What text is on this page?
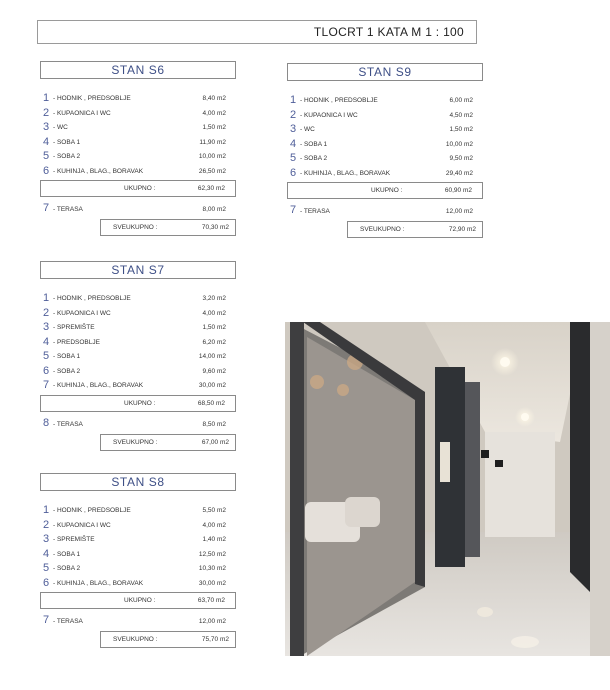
TLOCRT 1 KATA M 1 : 100
STAN S6
1 - HODNIK , PREDSOBLJE	8,40 m2
2 - KUPAONICA I WC	4,00 m2
3 - WC	1,50 m2
4 - SOBA 1	11,90 m2
5 - SOBA 2	10,00 m2
6 - KUHINJA , BLAG., BORAVAK	26,50 m2
UKUPNO :	62,30 m2
7 - TERASA	8,00 m2
SVEUKUPNO :	70,30 m2
STAN S9
1 - HODNIK , PREDSOBLJE	6,00 m2
2 - KUPAONICA I WC	4,50 m2
3 - WC	1,50 m2
4 - SOBA 1	10,00 m2
5 - SOBA 2	9,50 m2
6 - KUHINJA , BLAG., BORAVAK	29,40 m2
UKUPNO :	60,90 m2
7 - TERASA	12,00 m2
SVEUKUPNO :	72,90 m2
STAN S7
1 - HODNIK , PREDSOBLJE	3,20 m2
2 - KUPAONICA I WC	4,00 m2
3 - SPREMIŠTE	1,50 m2
4 - PREDSOBLJE	6,20 m2
5 - SOBA 1	14,00 m2
6 - SOBA 2	9,60 m2
7 - KUHINJA , BLAG., BORAVAK	30,00 m2
UKUPNO :	68,50 m2
8 - TERASA	8,50 m2
SVEUKUPNO :	67,00 m2
STAN S8
1 - HODNIK , PREDSOBLJE	5,50 m2
2 - KUPAONICA I WC	4,00 m2
3 - SPREMIŠTE	1,40 m2
4 - SOBA 1	12,50 m2
5 - SOBA 2	10,30 m2
6 - KUHINJA , BLAG., BORAVAK	30,00 m2
UKUPNO :	63,70 m2
7 - TERASA	12,00 m2
SVEUKUPNO :	75,70 m2
